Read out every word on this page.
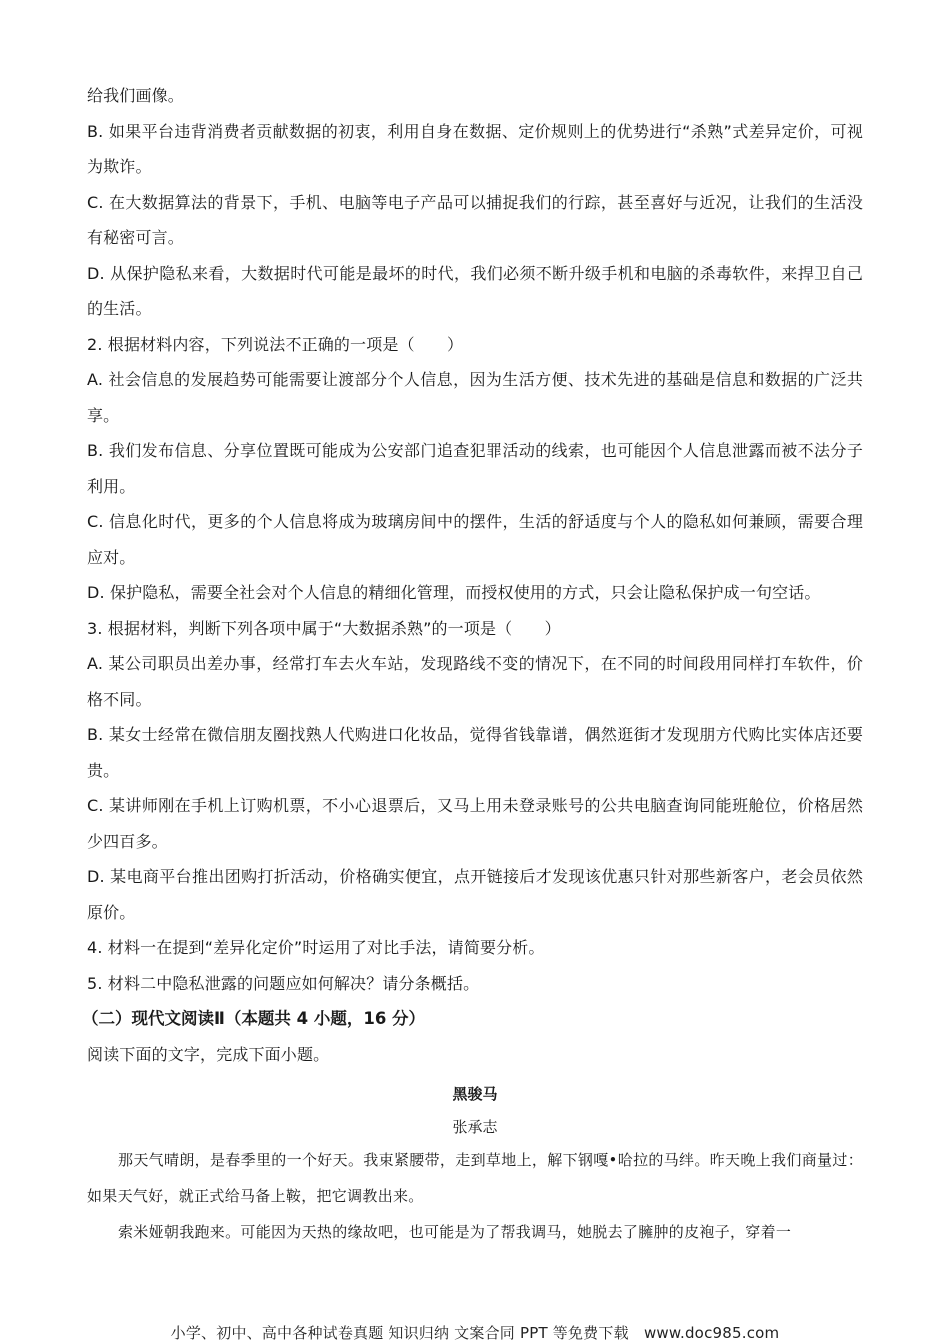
给我们画像。
B. 如果平台违背消费者贡献数据的初衷，利用自身在数据、定价规则上的优势进行“杀熟”式差异定价，可视为欺诈。
C. 在大数据算法的背景下，手机、电脑等电子产品可以捕捉我们的行踪，甚至喜好与近况，让我们的生活没有秘密可言。
D. 从保护隐私来看，大数据时代可能是最坏的时代，我们必须不断升级手机和电脑的杀毒软件，来捍卫自己的生活。
2. 根据材料内容，下列说法不正确的一项是（　　）
A. 社会信息的发展趋势可能需要让渡部分个人信息，因为生活方便、技术先进的基础是信息和数据的广泛共享。
B. 我们发布信息、分享位置既可能成为公安部门追查犯罪活动的线索，也可能因个人信息泄露而被不法分子利用。
C. 信息化时代，更多的个人信息将成为玻璃房间中的摆件，生活的舒适度与个人的隐私如何兼顾，需要合理应对。
D. 保护隐私，需要全社会对个人信息的精细化管理，而授权使用的方式，只会让隐私保护成一句空话。
3. 根据材料，判断下列各项中属于“大数据杀熟”的一项是（　　）
A. 某公司职员出差办事，经常打车去火车站，发现路线不变的情况下，在不同的时间段用同样打车软件，价格不同。
B. 某女士经常在微信朋友圈找熟人代购进口化妆品，觉得省钱靠谱，偶然逛街才发现朋方代购比实体店还要贵。
C. 某讲师刚在手机上订购机票，不小心退票后，又马上用未登录账号的公共电脑查询同能班舱位，价格居然少四百多。
D. 某电商平台推出团购打折活动，价格确实便宜，点开链接后才发现该优惠只针对那些新客户，老会员依然原价。
4. 材料一在提到“差异化定价”时运用了对比手法，请简要分析。
5. 材料二中隐私泄露的问题应如何解决？请分条概括。
（二）现代文阅读Ⅱ（本题共 4 小题，16 分）
阅读下面的文字，完成下面小题。
黑骏马
张承志
那天气晴朗，是春季里的一个好天。我束紧腰带，走到草地上，解下钢嘎•哈拉的马绊。昨天晚上我们商量过：如果天气好，就正式给马备上鞍，把它调教出来。
索米娅朝我跑来。可能因为天热的缘故吧，也可能是为了帮我调马，她脱去了臃肿的皮袍子，穿着一
小学、初中、高中各种试卷真题 知识归纳 文案合同 PPT 等免费下载　www.doc985.com
